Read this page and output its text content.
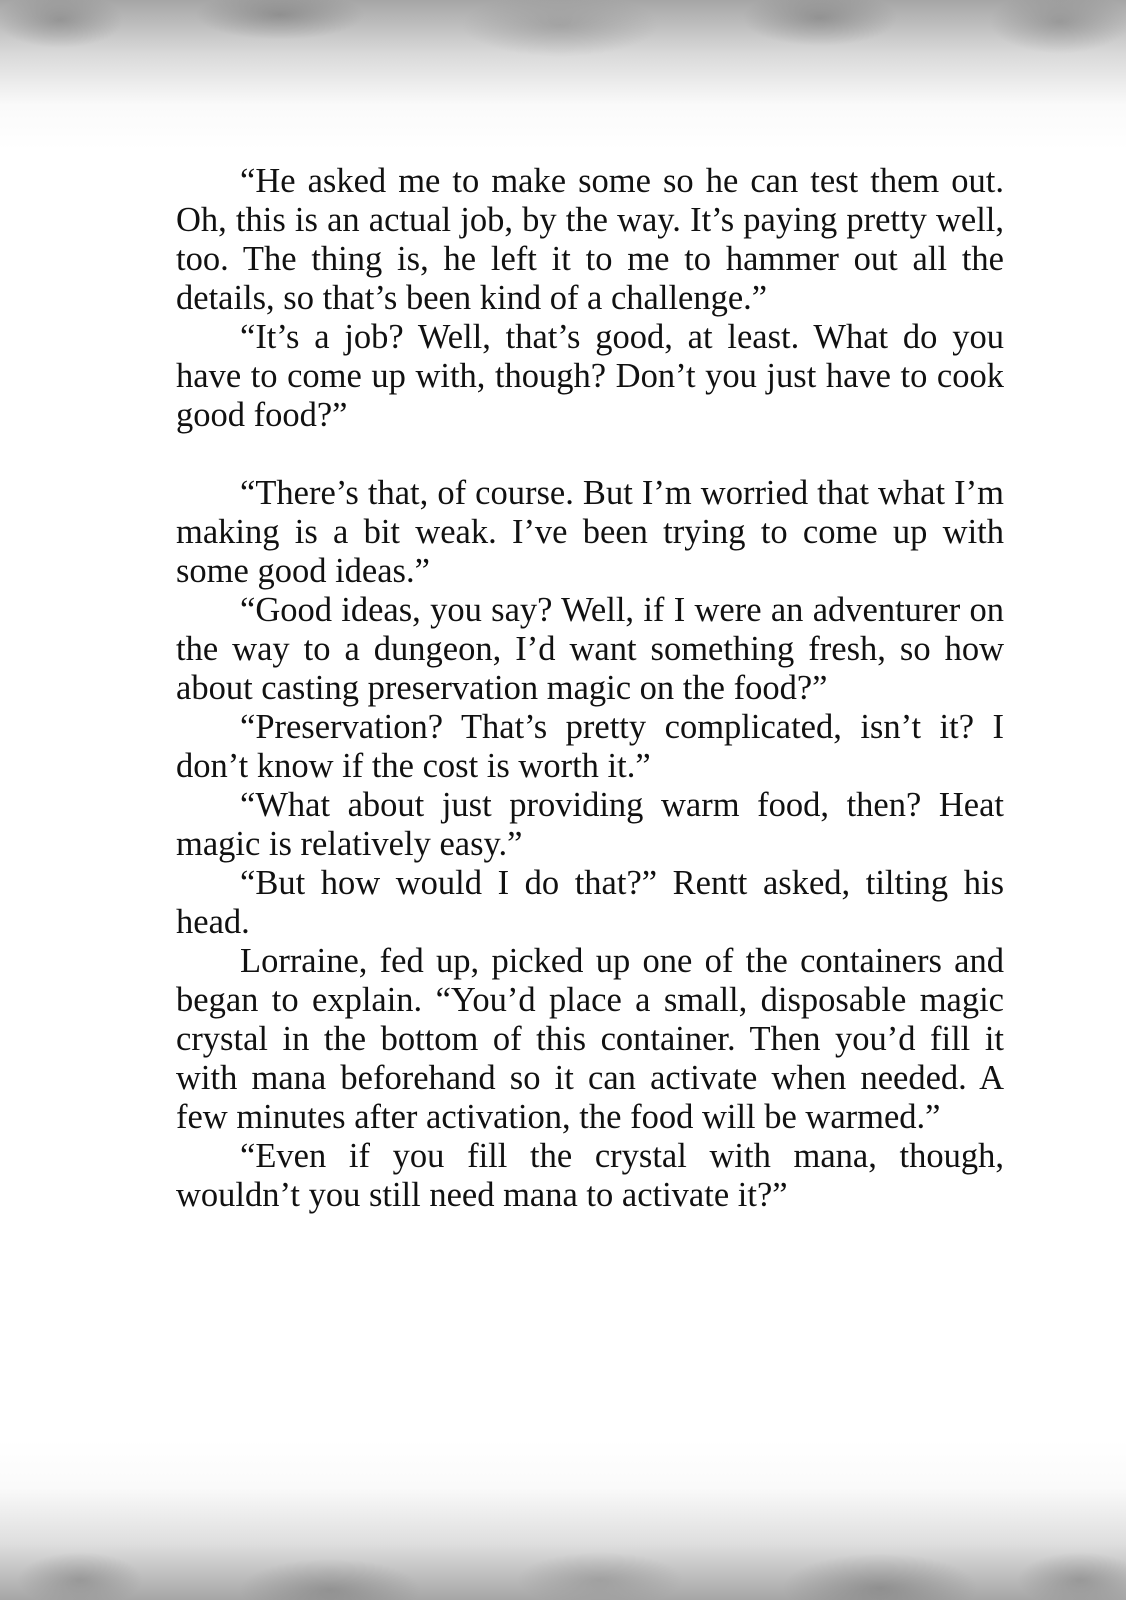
“He asked me to make some so he can test them out. Oh, this is an actual job, by the way. It’s paying pretty well, too. The thing is, he left it to me to hammer out all the details, so that’s been kind of a challenge.”

“It’s a job? Well, that’s good, at least. What do you have to come up with, though? Don’t you just have to cook good food?”

“There’s that, of course. But I’m worried that what I’m making is a bit weak. I’ve been trying to come up with some good ideas.”

“Good ideas, you say? Well, if I were an adventurer on the way to a dungeon, I’d want something fresh, so how about casting preservation magic on the food?”

“Preservation? That’s pretty complicated, isn’t it? I don’t know if the cost is worth it.”

“What about just providing warm food, then? Heat magic is relatively easy.”

“But how would I do that?” Rentt asked, tilting his head.

Lorraine, fed up, picked up one of the containers and began to explain. “You’d place a small, disposable magic crystal in the bottom of this container. Then you’d fill it with mana beforehand so it can activate when needed. A few minutes after activation, the food will be warmed.”

“Even if you fill the crystal with mana, though, wouldn’t you still need mana to activate it?”
